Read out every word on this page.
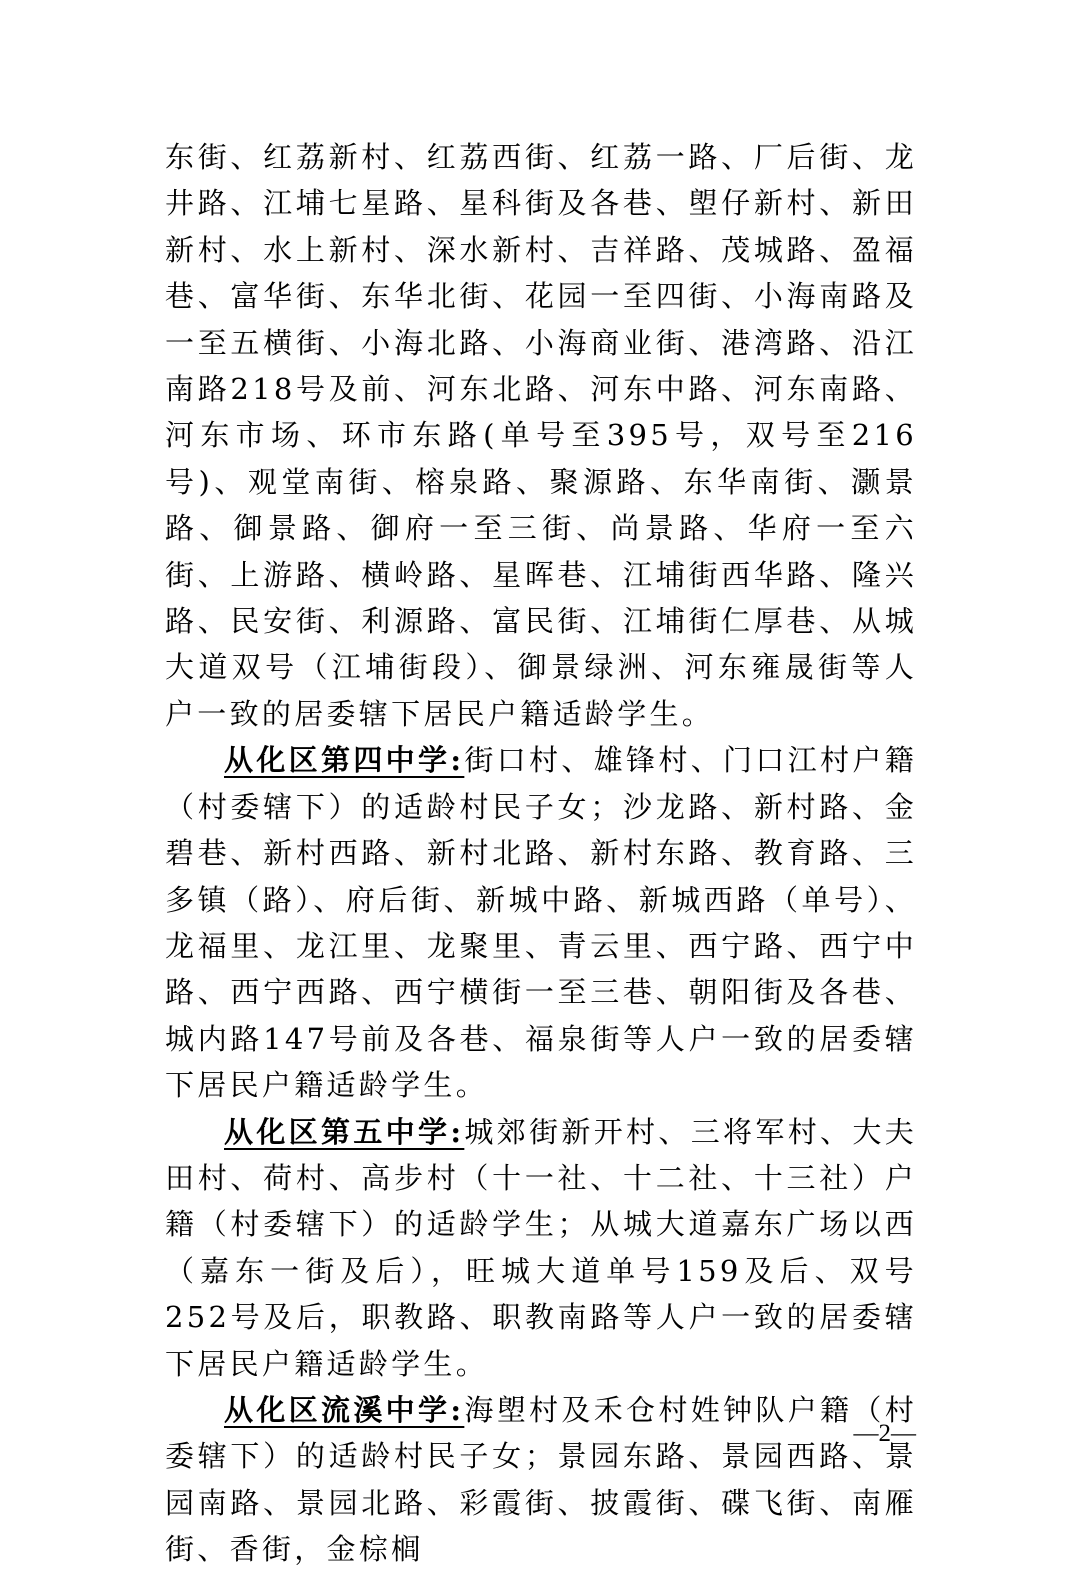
东街、红荔新村、红荔西街、红荔一路、厂后街、龙井路、江埔七星路、星科街及各巷、塱仔新村、新田新村、水上新村、深水新村、吉祥路、茂城路、盈福巷、富华街、东华北街、花园一至四街、小海南路及一至五横街、小海北路、小海商业街、港湾路、沿江南路218号及前、河东北路、河东中路、河东南路、河东市场、环市东路(单号至395号，双号至216号)、观堂南街、榕泉路、聚源路、东华南街、灏景路、御景路、御府一至三街、尚景路、华府一至六街、上游路、横岭路、星晖巷、江埔街西华路、隆兴路、民安街、利源路、富民街、江埔街仁厚巷、从城大道双号（江埔街段）、御景绿洲、河东雍晟街等人户一致的居委辖下居民户籍适龄学生。

从化区第四中学:街口村、雄锋村、门口江村户籍（村委辖下）的适龄村民子女；沙龙路、新村路、金碧巷、新村西路、新村北路、新村东路、教育路、三多镇（路）、府后街、新城中路、新城西路（单号）、龙福里、龙江里、龙聚里、青云里、西宁路、西宁中路、西宁西路、西宁横街一至三巷、朝阳街及各巷、城内路147号前及各巷、福泉街等人户一致的居委辖下居民户籍适龄学生。

从化区第五中学:城郊街新开村、三将军村、大夫田村、荷村、高步村（十一社、十二社、十三社）户籍（村委辖下）的适龄学生；从城大道嘉东广场以西（嘉东一街及后），旺城大道单号159及后、双号252号及后，职教路、职教南路等人户一致的居委辖下居民户籍适龄学生。

从化区流溪中学:海塱村及禾仓村姓钟队户籍（村委辖下）的适龄村民子女；景园东路、景园西路、景园南路、景园北路、彩霞街、披霞街、碟飞街、南雁街、香街，金棕榈

—2—
